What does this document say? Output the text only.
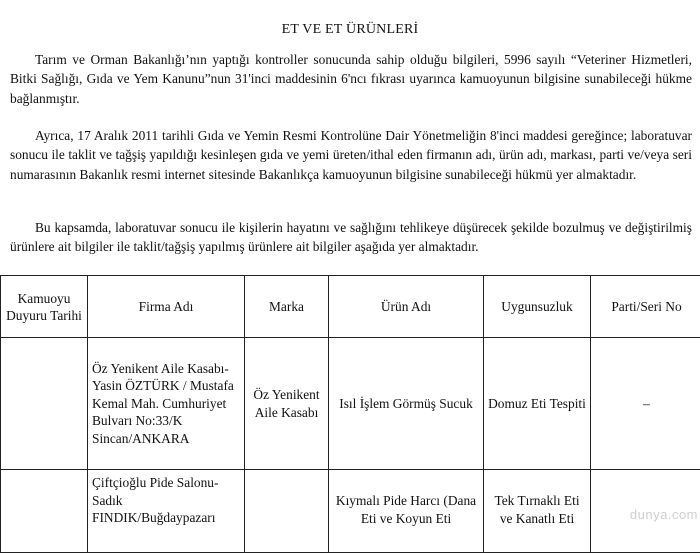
ET VE ET ÜRÜNLERİ
Tarım ve Orman Bakanlığı’nın yaptığı kontroller sonucunda sahip olduğu bilgileri, 5996 sayılı “Veteriner Hizmetleri, Bitki Sağlığı, Gıda ve Yem Kanunu”nun 31'inci maddesinin 6'ncı fıkrası uyarınca kamuoyunun bilgisine sunabileceği hükme bağlanmıştır.
Ayrıca, 17 Aralık 2011 tarihli Gıda ve Yemin Resmi Kontrolüne Dair Yönetmeliğin 8'inci maddesi gereğince; laboratuvar sonucu ile taklit ve tağşiş yapıldığı kesinleşen gıda ve yemi üreten/ithal eden firmanın adı, ürün adı, markası, parti ve/veya seri numarasının Bakanlık resmi internet sitesinde Bakanlıkça kamuoyunun bilgisine sunabileceği hükmü yer almaktadır.
Bu kapsamda, laboratuvar sonucu ile kişilerin hayatını ve sağlığını tehlikeye düşürecek şekilde bozulmuş ve değiştirilmiş ürünlere ait bilgiler ile taklit/tağşiş yapılmış ürünlere ait bilgiler aşağıda yer almaktadır.
Kamuoyu Duyuru Tarihi	Firma Adı	Marka	Ürün Adı	Uygunsuzluk	Parti/Seri No
	Öz Yenikent Aile Kasabı- Yasin ÖZTÜRK / Mustafa Kemal Mah. Cumhuriyet Bulvarı No:33/K Sincan/ANKARA	Öz Yenikent Aile Kasabı	Isıl İşlem Görmüş Sucuk	Domuz Eti Tespiti	–
	Çiftçioğlu Pide Salonu- Sadık FINDIK/Buğdaypazarı		Kıymalı Pide Harcı (Dana Eti ve Koyun Eti	Tek Tırnaklı Eti ve Kanatlı Eti		dunya.com
